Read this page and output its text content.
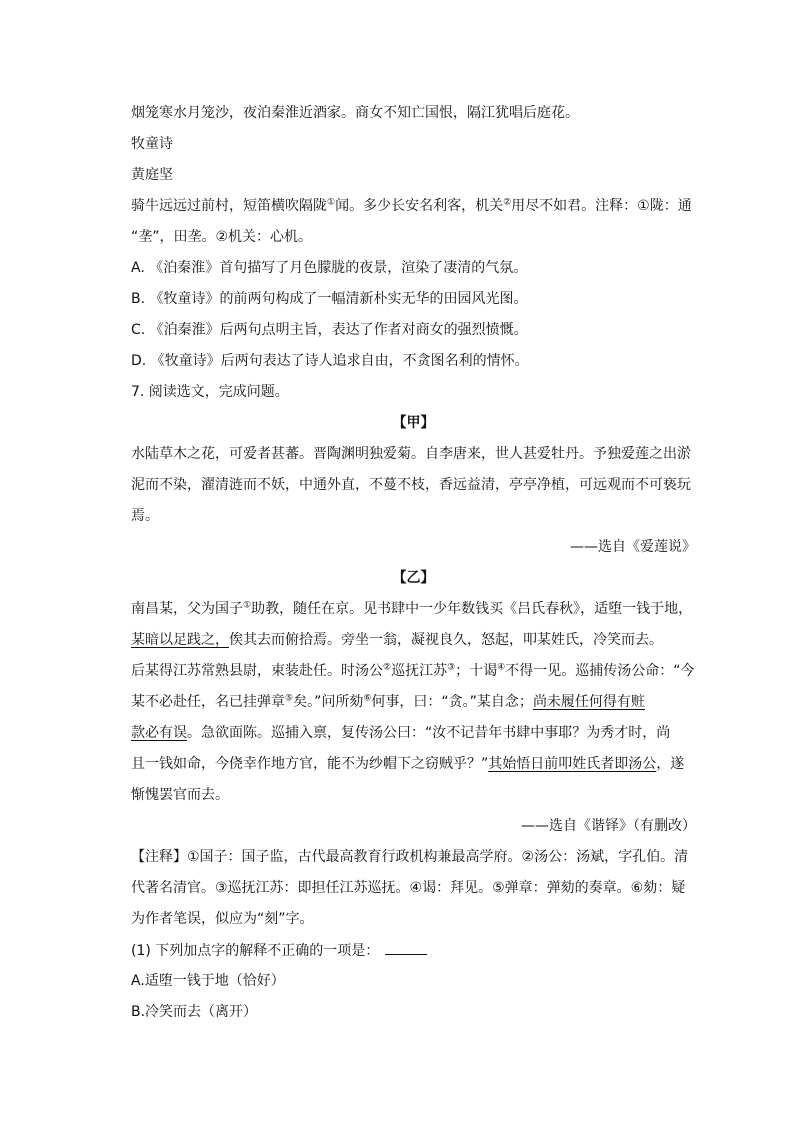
烟笼寒水月笼沙，夜泊秦淮近酒家。商女不知亡国恨，隔江犹唱后庭花。
牧童诗
黄庭坚
骑牛远远过前村，短笛横吹隔陇①闻。多少长安名利客，机关②用尽不如君。注释：①陇：通
“垄”，田垄。②机关：心机。
A. 《泊秦淮》首句描写了月色朦胧的夜景，渲染了凄清的气氛。
B. 《牧童诗》的前两句构成了一幅清新朴实无华的田园风光图。
C. 《泊秦淮》后两句点明主旨，表达了作者对商女的强烈愤慨。
D. 《牧童诗》后两句表达了诗人追求自由，不贪图名利的情怀。
7. 阅读选文，完成问题。
【甲】
水陆草木之花，可爱者甚蕃。晋陶渊明独爱菊。自李唐来，世人甚爱牡丹。予独爱莲之出淤
泥而不染，濯清涟而不妖，中通外直，不蔓不枝，香远益清，亭亭净植，可远观而不可亵玩
焉。
——选自《爱莲说》
【乙】
南昌某，父为国子①助教，随任在京。见书肆中一少年数钱买《吕氏春秋》，适堕一钱于地，
某暗以足践之，俟其去而俯拾焉。旁坐一翁，凝视良久，怒起，叩某姓氏，冷笑而去。
后某得江苏常熟县尉，束装赴任。时汤公②巡抚江苏③；十谒④不得一见。巡捕传汤公命：“今
某不必赴任，名已挂弹章⑤矣。”问所劾⑥何事，曰：“贪。”某自念；尚未履任何得有赃
款必有误。急欲面陈。巡捕入禀，复传汤公曰：“汝不记昔年书肆中事耶？为秀才时，尚
且一钱如命，今侥幸作地方官，能不为纱帽下之窃贼乎？”其始悟日前叩姓氏者即汤公，遂
惭愧罢官而去。
——选自《谐铎》（有删改）
【注释】①国子：国子监，古代最高教育行政机构兼最高学府。②汤公：汤斌，字孔伯。清
代著名清官。③巡抚江苏：即担任江苏巡抚。④谒：拜见。⑤弹章：弹劾的奏章。⑥劾：疑
为作者笔误，似应为“刻”字。
(1) 下列加点字的解释不正确的一项是：
A.适堕一钱于地（恰好）
B.冷笑而去（离开）
